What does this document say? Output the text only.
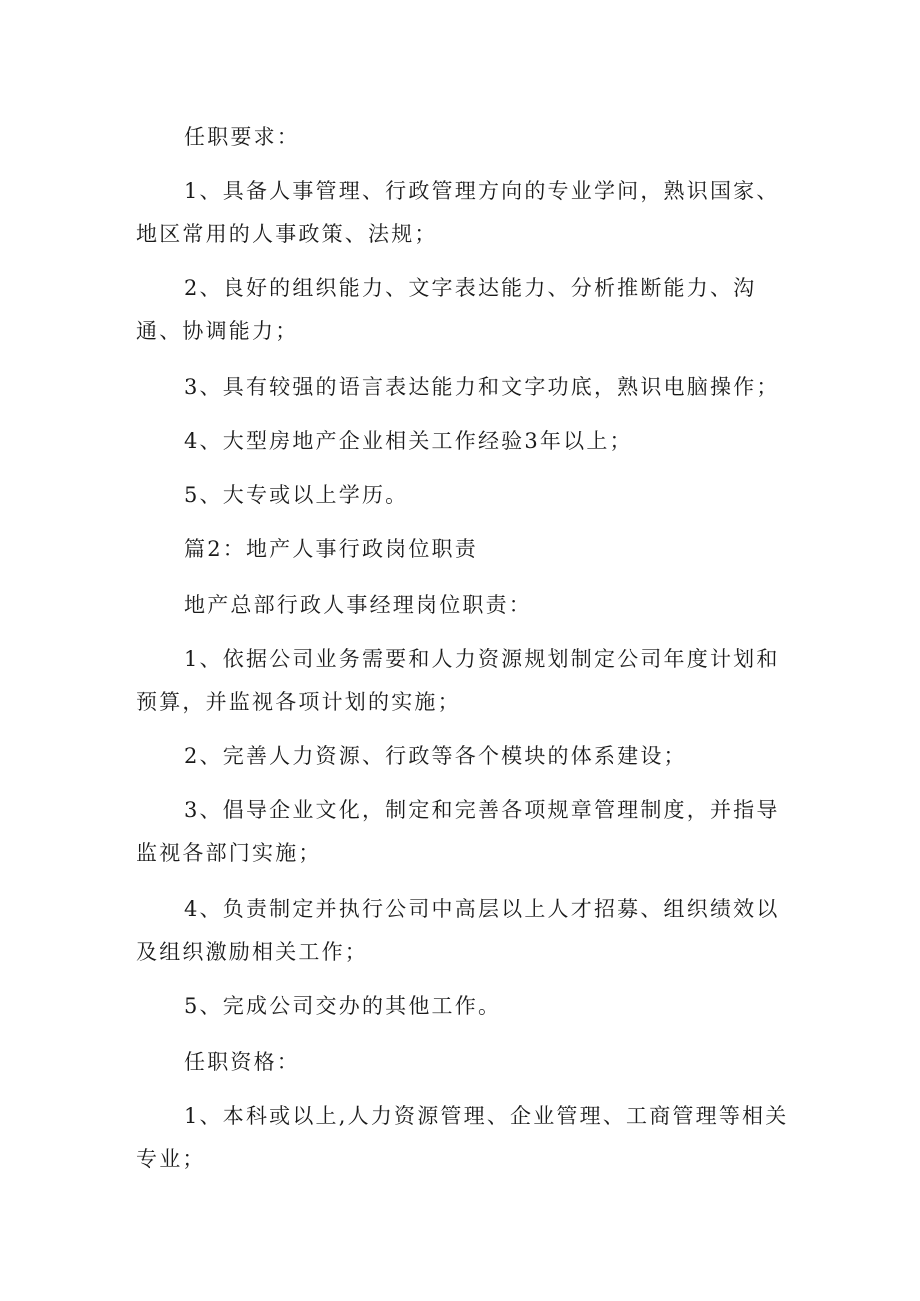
任职要求：

1、具备人事管理、行政管理方向的专业学问，熟识国家、地区常用的人事政策、法规；

2、良好的组织能力、文字表达能力、分析推断能力、沟通、协调能力；

3、具有较强的语言表达能力和文字功底，熟识电脑操作；

4、大型房地产企业相关工作经验3年以上；

5、大专或以上学历。

篇2：地产人事行政岗位职责

地产总部行政人事经理岗位职责：

1、依据公司业务需要和人力资源规划制定公司年度计划和预算，并监视各项计划的实施；

2、完善人力资源、行政等各个模块的体系建设；

3、倡导企业文化，制定和完善各项规章管理制度，并指导监视各部门实施；

4、负责制定并执行公司中高层以上人才招募、组织绩效以及组织激励相关工作；

5、完成公司交办的其他工作。

任职资格：

1、本科或以上,人力资源管理、企业管理、工商管理等相关专业；
